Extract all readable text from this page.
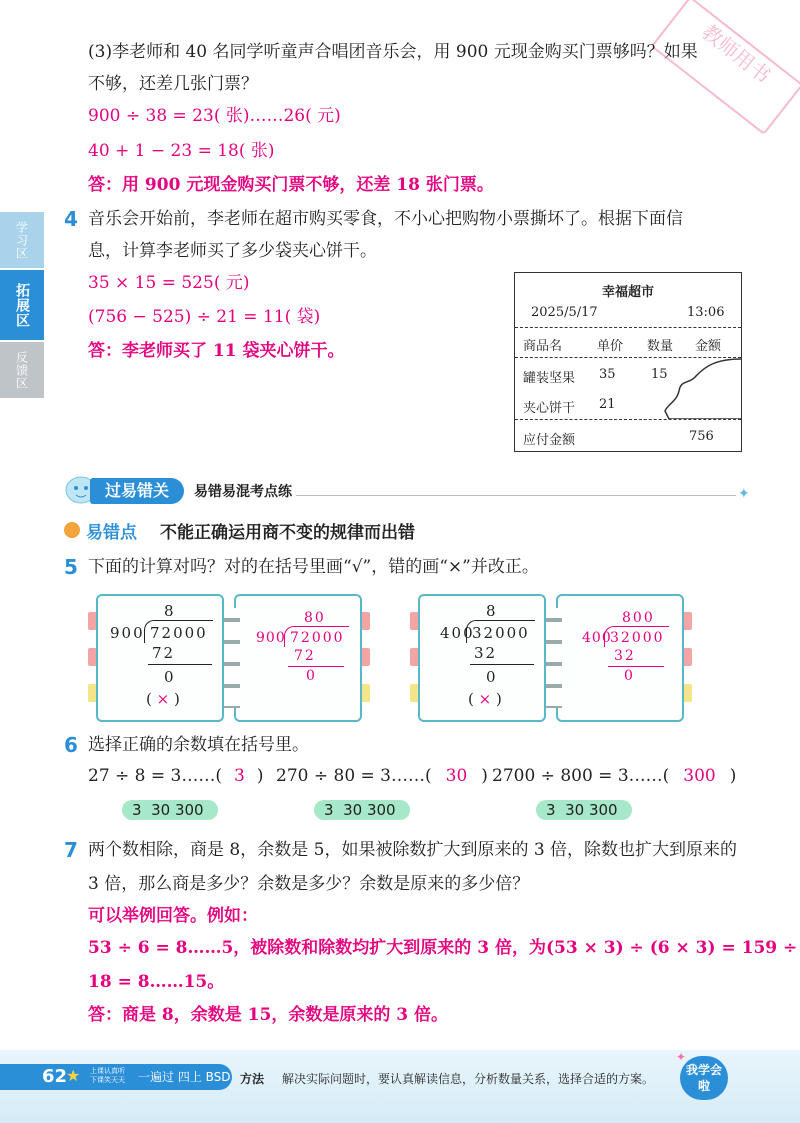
教师用书
学习区
拓展区
反馈区
(3)李老师和 40 名同学听童声合唱团音乐会，用 900 元现金购买门票够吗？如果
不够，还差几张门票？
900 ÷ 38 = 23( 张)……26( 元)
40 + 1 − 23 = 18( 张)
答：用 900 元现金购买门票不够，还差 18 张门票。
4 音乐会开始前，李老师在超市购买零食，不小心把购物小票撕坏了。根据下面信
息，计算李老师买了多少袋夹心饼干。
35 × 15 = 525( 元)
(756 − 525) ÷ 21 = 11( 袋)
答：李老师买了 11 袋夹心饼干。
幸福超市
2025/5/17	13:06
商品名	单价 数量 金额
罐装坚果 35	15
夹心饼干 21
应付金额	756
过易错关	易错易混考点练	✦
易错点 不能正确运用商不变的规律而出错
5 下面的计算对吗？对的在括号里画“√”，错的画“×”并改正。
8
900 72000
72
0
( × )
80
900 72000
72
0
8
400
32000
32
0
( × )
800
400
32000
32
0
6 选择正确的余数填在括号里。
27 ÷ 8 = 3……( 3 ) 270 ÷ 80 = 3……( 30 ) 2700 ÷ 800 = 3……( 300 )
3 30 300	3 30 300	3 30 300
7 两个数相除，商是 8，余数是 5，如果被除数扩大到原来的 3 倍，除数也扩大到原来的
3 倍，那么商是多少？余数是多少？余数是原来的多少倍？
可以举例回答。例如：
53 ÷ 6 = 8……5，被除数和除数均扩大到原来的 3 倍，为(53 × 3) ÷ (6 × 3) = 159 ÷
18 = 8……15。
答：商是 8，余数是 15，余数是原来的 3 倍。
62
★ 上课认真听
下课笑天天 一遍过 四上 BSD 方法 解决实际问题时，要认真解读信息，分析数量关系，选择合适的方案。
我学会啦
✦
